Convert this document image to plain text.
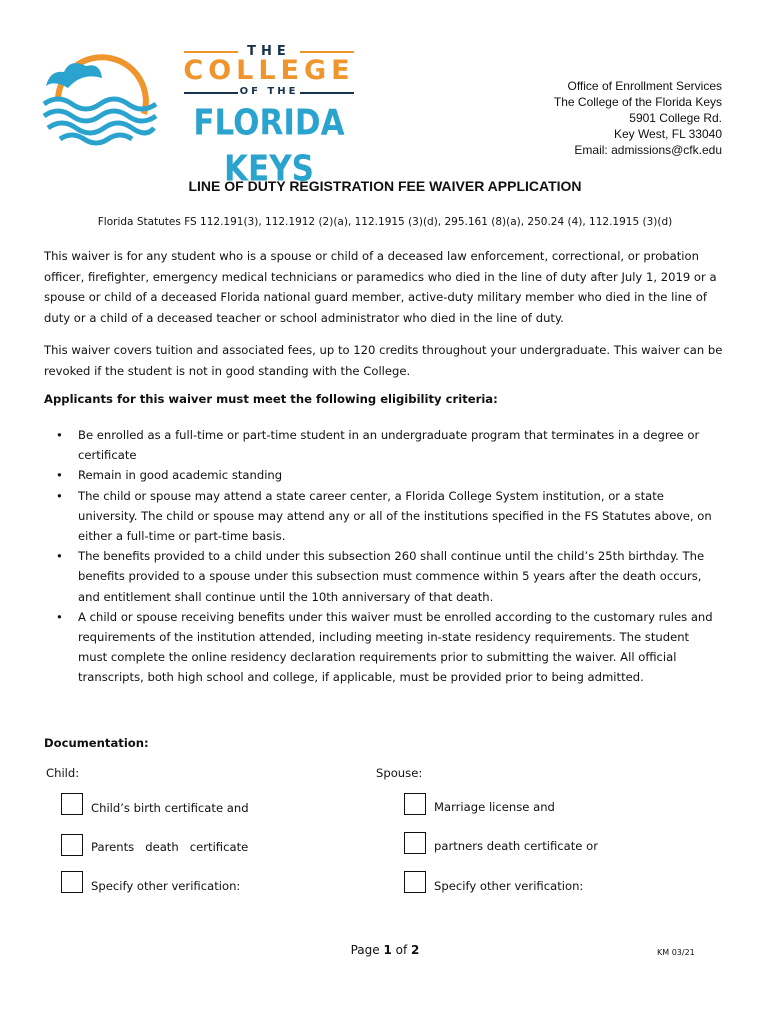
THE
COLLEGE
OF THE
FLORIDA KEYS
Office of Enrollment Services
The College of the Florida Keys
5901 College Rd.
Key West, FL 33040
Email: admissions@cfk.edu
LINE OF DUTY REGISTRATION FEE WAIVER APPLICATION
Florida Statutes FS 112.191(3), 112.1912 (2)(a), 112.1915 (3)(d), 295.161 (8)(a), 250.24 (4), 112.1915 (3)(d)
This waiver is for any student who is a spouse or child of a deceased law enforcement, correctional, or probation officer, firefighter, emergency medical technicians or paramedics who died in the line of duty after July 1, 2019 or a spouse or child of a deceased Florida national guard member, active-duty military member who died in the line of duty or a child of a deceased teacher or school administrator who died in the line of duty.
This waiver covers tuition and associated fees, up to 120 credits throughout your undergraduate. This waiver can be revoked if the student is not in good standing with the College.
Applicants for this waiver must meet the following eligibility criteria:
• Be enrolled as a full-time or part-time student in an undergraduate program that terminates in a degree or certificate
• Remain in good academic standing
• The child or spouse may attend a state career center, a Florida College System institution, or a state university. The child or spouse may attend any or all of the institutions specified in the FS Statutes above, on either a full-time or part-time basis.
• The benefits provided to a child under this subsection 260 shall continue until the child’s 25th birthday. The benefits provided to a spouse under this subsection must commence within 5 years after the death occurs, and entitlement shall continue until the 10th anniversary of that death.
• A child or spouse receiving benefits under this waiver must be enrolled according to the customary rules and requirements of the institution attended, including meeting in-state residency requirements. The student must complete the online residency declaration requirements prior to submitting the waiver. All official transcripts, both high school and college, if applicable, must be provided prior to being admitted.
Documentation:
Child:	Spouse:
Child’s birth certificate and
Parents   death   certificate
Specify other verification:
Marriage license and
partners death certificate or
Specify other verification:
Page 1 of 2	KM 03/21
